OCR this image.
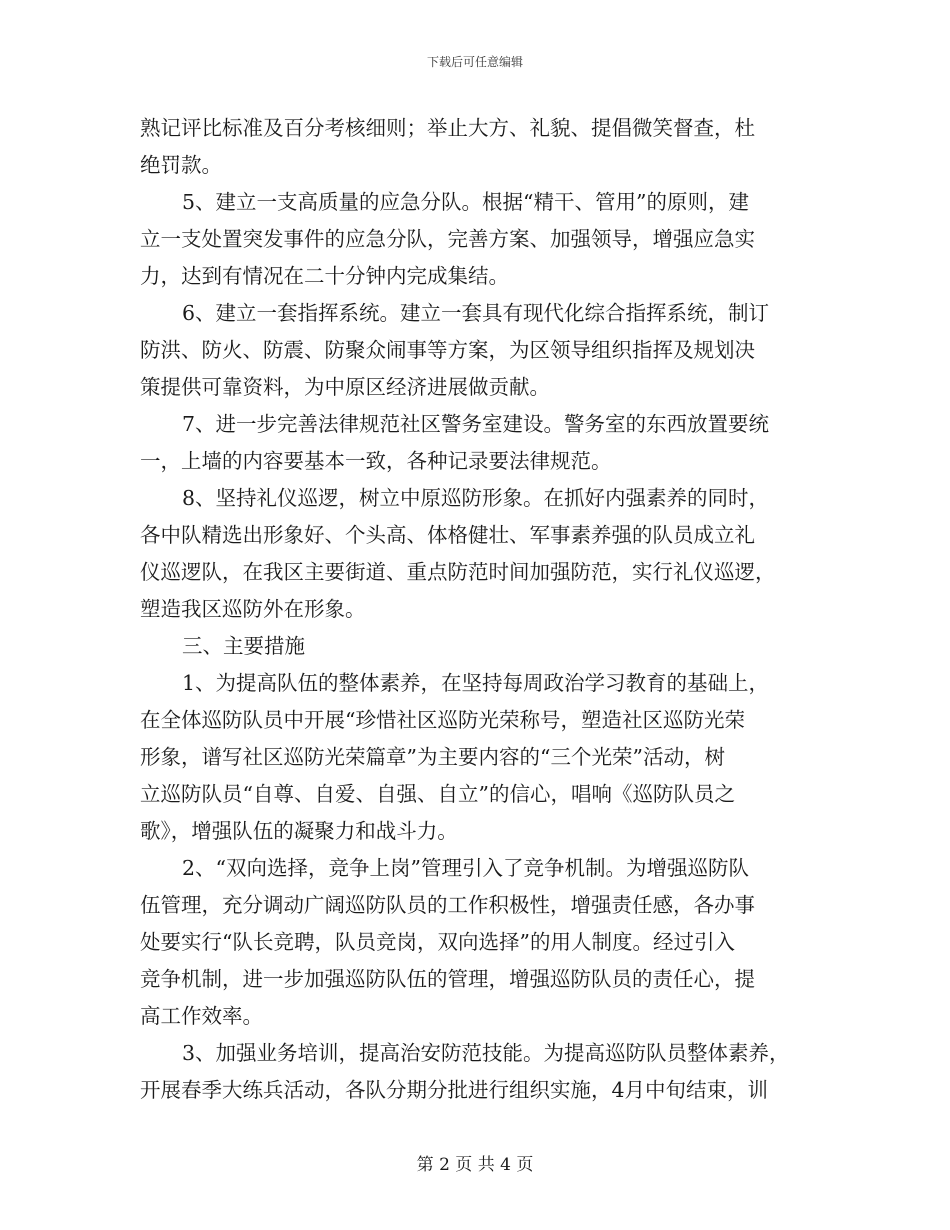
下载后可任意编辑
熟记评比标准及百分考核细则；举止大方、礼貌、提倡微笑督查，杜
绝罚款。
5、建立一支高质量的应急分队。根据“精干、管用”的原则，建
立一支处置突发事件的应急分队，完善方案、加强领导，增强应急实
力，达到有情况在二十分钟内完成集结。
6、建立一套指挥系统。建立一套具有现代化综合指挥系统，制订
防洪、防火、防震、防聚众闹事等方案，为区领导组织指挥及规划决
策提供可靠资料，为中原区经济进展做贡献。
7、进一步完善法律规范社区警务室建设。警务室的东西放置要统
一，上墙的内容要基本一致，各种记录要法律规范。
8、坚持礼仪巡逻，树立中原巡防形象。在抓好内强素养的同时，
各中队精选出形象好、个头高、体格健壮、军事素养强的队员成立礼
仪巡逻队，在我区主要街道、重点防范时间加强防范，实行礼仪巡逻，
塑造我区巡防外在形象。
三、主要措施
1、为提高队伍的整体素养，在坚持每周政治学习教育的基础上，
在全体巡防队员中开展“珍惜社区巡防光荣称号，塑造社区巡防光荣
形象，谱写社区巡防光荣篇章”为主要内容的“三个光荣”活动，树
立巡防队员“自尊、自爱、自强、自立”的信心，唱响《巡防队员之
歌》，增强队伍的凝聚力和战斗力。
2、“双向选择，竞争上岗”管理引入了竞争机制。为增强巡防队
伍管理，充分调动广阔巡防队员的工作积极性，增强责任感，各办事
处要实行“队长竞聘，队员竞岗，双向选择”的用人制度。经过引入
竞争机制，进一步加强巡防队伍的管理，增强巡防队员的责任心，提
高工作效率。
3、加强业务培训，提高治安防范技能。为提高巡防队员整体素养，
开展春季大练兵活动，各队分期分批进行组织实施，4月中旬结束，训
第 2 页 共 4 页
